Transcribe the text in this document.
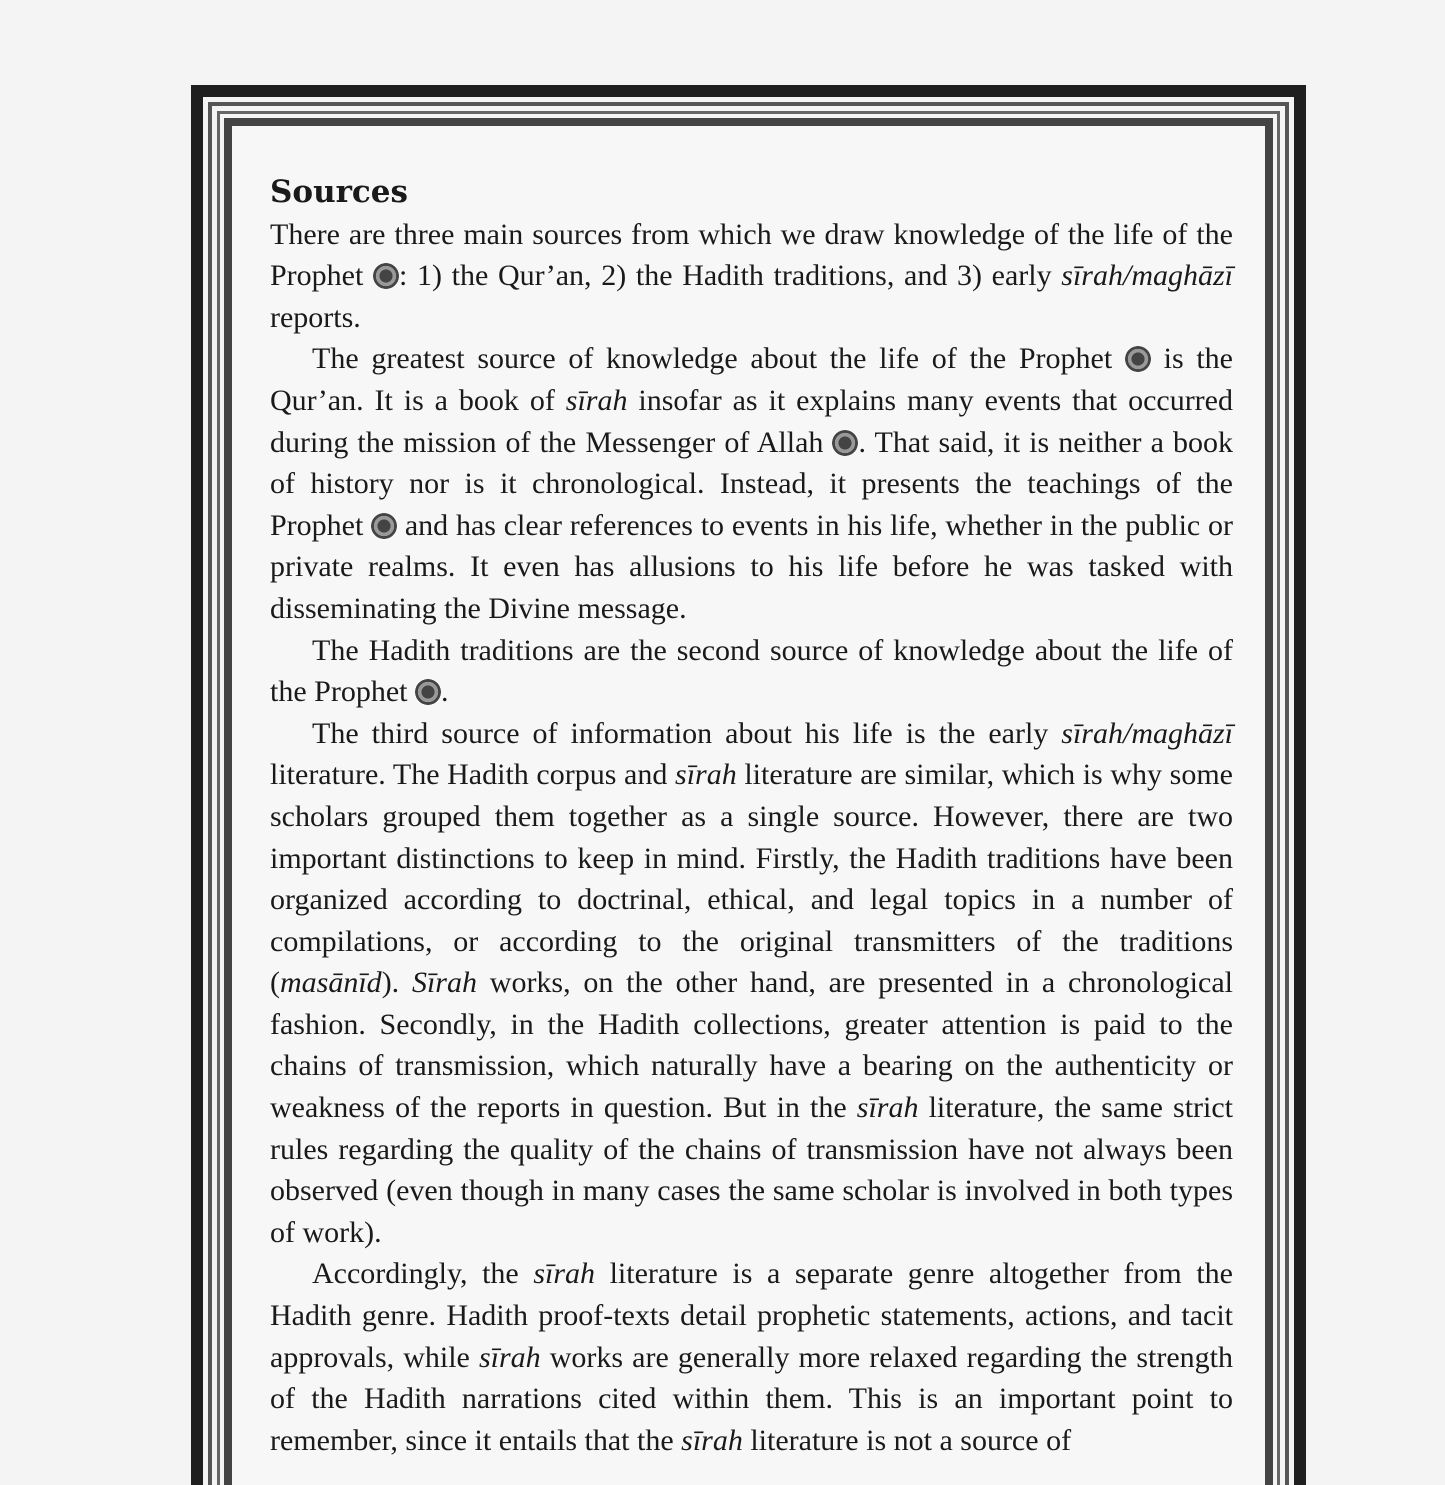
Sources

There are three main sources from which we draw knowledge of the life of the Prophet : 1) the Qur’an, 2) the Hadith traditions, and 3) early sīrah/maghāzī reports.

The greatest source of knowledge about the life of the Prophet  is the Qur’an. It is a book of sīrah insofar as it explains many events that occurred during the mission of the Messenger of Allah . That said, it is neither a book of history nor is it chronological. Instead, it presents the teachings of the Prophet  and has clear references to events in his life, whether in the public or private realms. It even has allusions to his life before he was tasked with disseminating the Divine message.

The Hadith traditions are the second source of knowledge about the life of the Prophet .

The third source of information about his life is the early sīrah/maghāzī literature. The Hadith corpus and sīrah literature are similar, which is why some scholars grouped them together as a single source. However, there are two important distinctions to keep in mind. Firstly, the Hadith traditions have been organized according to doctrinal, ethical, and legal topics in a number of compilations, or according to the original transmitters of the traditions (masānīd). Sīrah works, on the other hand, are presented in a chronological fashion. Secondly, in the Hadith collections, greater attention is paid to the chains of transmission, which naturally have a bearing on the authenticity or weakness of the reports in question. But in the sīrah literature, the same strict rules regarding the quality of the chains of transmission have not always been observed (even though in many cases the same scholar is involved in both types of work).

Accordingly, the sīrah literature is a separate genre altogether from the Hadith genre. Hadith proof-texts detail prophetic statements, actions, and tacit approvals, while sīrah works are generally more relaxed regarding the strength of the Hadith narrations cited within them. This is an important point to remember, since it entails that the sīrah literature is not a source of
